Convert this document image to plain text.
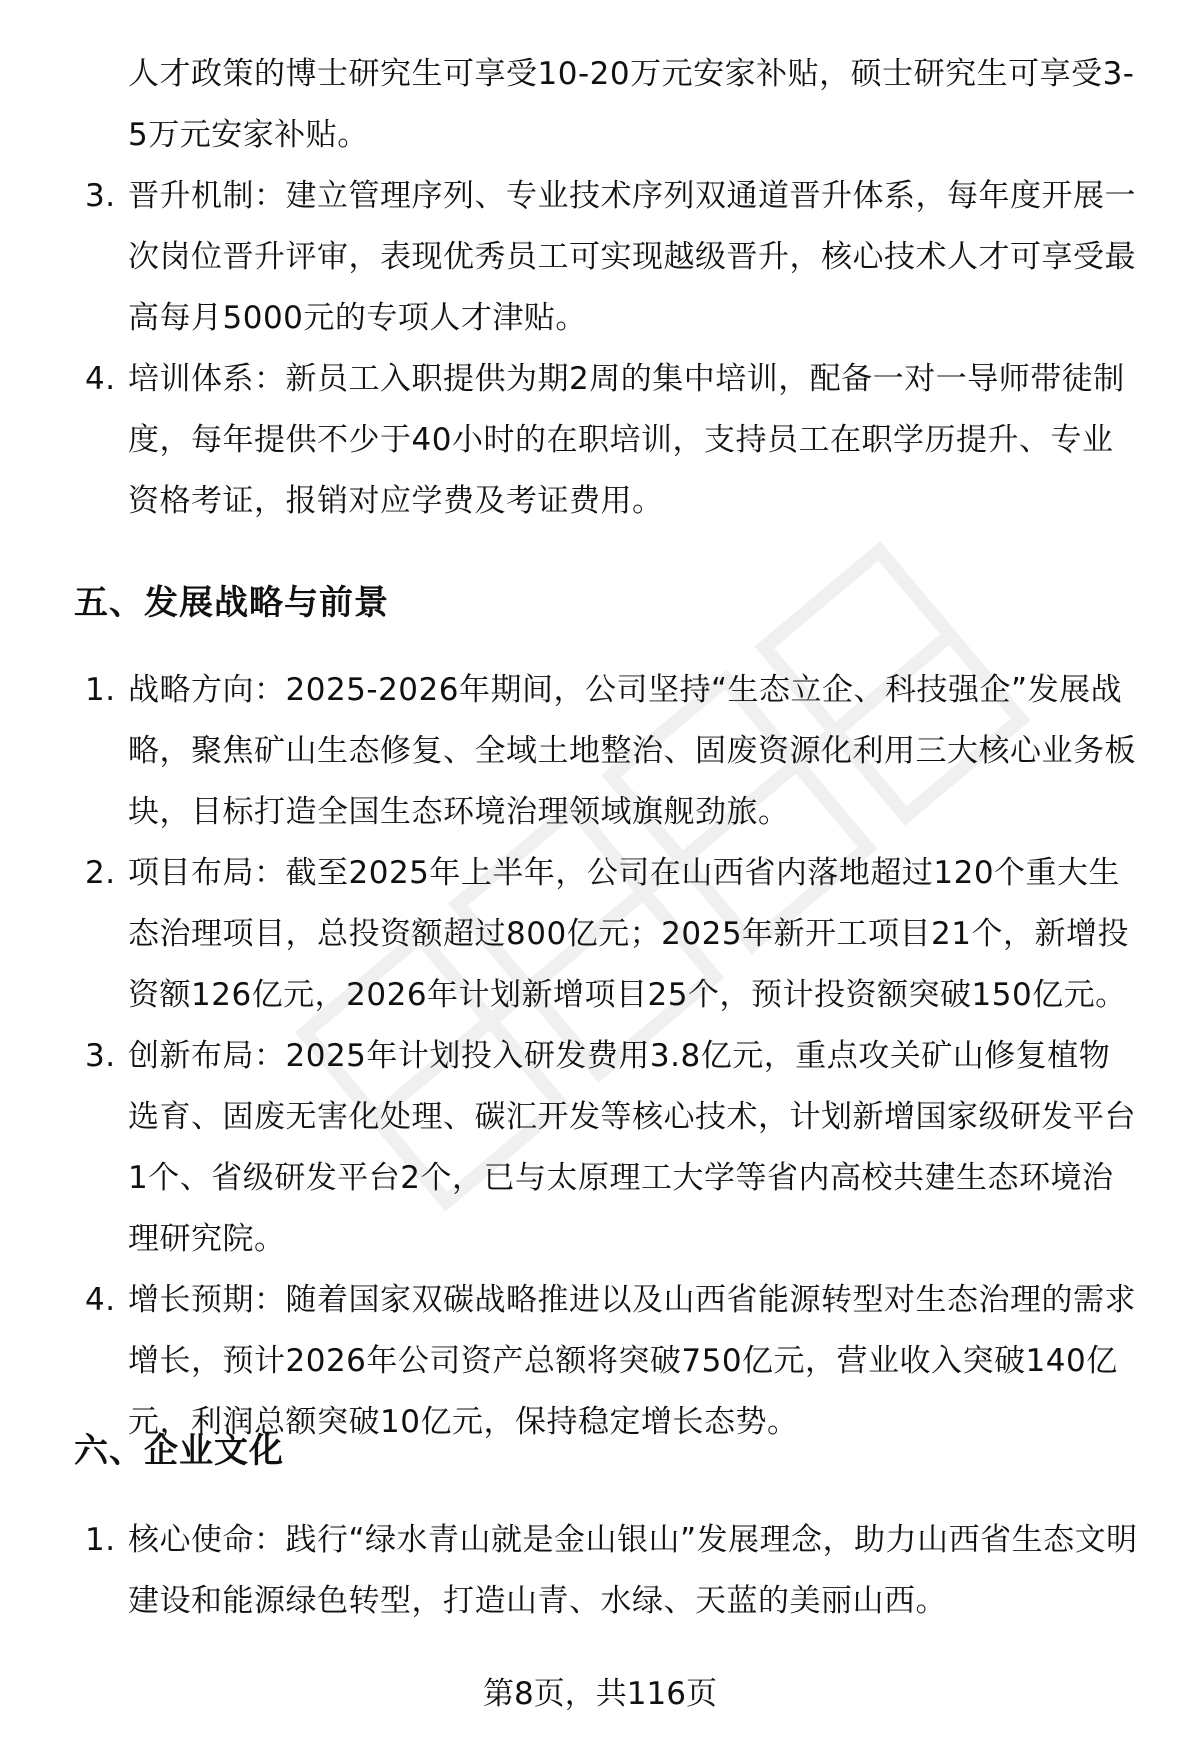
人才政策的博士研究生可享受10-20万元安家补贴，硕士研究生可享受3-5万元安家补贴。
3. 晋升机制：建立管理序列、专业技术序列双通道晋升体系，每年度开展一次岗位晋升评审，表现优秀员工可实现越级晋升，核心技术人才可享受最高每月5000元的专项人才津贴。
4. 培训体系：新员工入职提供为期2周的集中培训，配备一对一导师带徒制度，每年提供不少于40小时的在职培训，支持员工在职学历提升、专业资格考证，报销对应学费及考证费用。
五、发展战略与前景
1. 战略方向：2025-2026年期间，公司坚持“生态立企、科技强企”发展战略，聚焦矿山生态修复、全域土地整治、固废资源化利用三大核心业务板块，目标打造全国生态环境治理领域旗舰劲旅。
2. 项目布局：截至2025年上半年，公司在山西省内落地超过120个重大生态治理项目，总投资额超过800亿元；2025年新开工项目21个，新增投资额126亿元，2026年计划新增项目25个，预计投资额突破150亿元。
3. 创新布局：2025年计划投入研发费用3.8亿元，重点攻关矿山修复植物选育、固废无害化处理、碳汇开发等核心技术，计划新增国家级研发平台1个、省级研发平台2个，已与太原理工大学等省内高校共建生态环境治理研究院。
4. 增长预期：随着国家双碳战略推进以及山西省能源转型对生态治理的需求增长，预计2026年公司资产总额将突破750亿元，营业收入突破140亿元，利润总额突破10亿元，保持稳定增长态势。
六、企业文化
1. 核心使命：践行“绿水青山就是金山银山”发展理念，助力山西省生态文明建设和能源绿色转型，打造山青、水绿、天蓝的美丽山西。
第8页，共116页
